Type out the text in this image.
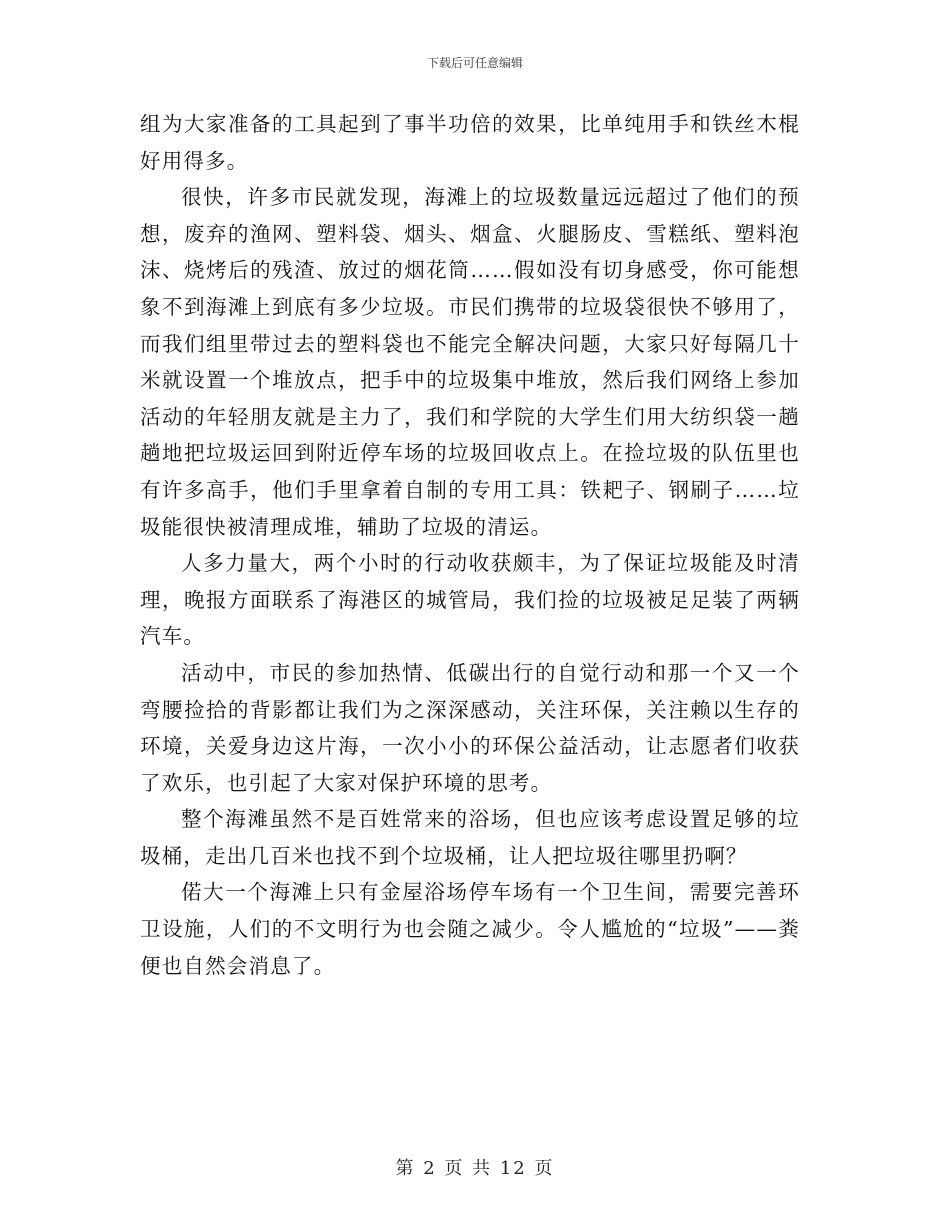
下载后可任意编辑

组为大家准备的工具起到了事半功倍的效果，比单纯用手和铁丝木棍好用得多。

很快，许多市民就发现，海滩上的垃圾数量远远超过了他们的预想，废弃的渔网、塑料袋、烟头、烟盒、火腿肠皮、雪糕纸、塑料泡沫、烧烤后的残渣、放过的烟花筒……假如没有切身感受，你可能想象不到海滩上到底有多少垃圾。市民们携带的垃圾袋很快不够用了，而我们组里带过去的塑料袋也不能完全解决问题，大家只好每隔几十米就设置一个堆放点，把手中的垃圾集中堆放，然后我们网络上参加活动的年轻朋友就是主力了，我们和学院的大学生们用大纺织袋一趟趟地把垃圾运回到附近停车场的垃圾回收点上。在捡垃圾的队伍里也有许多高手，他们手里拿着自制的专用工具：铁耙子、钢刷子……垃圾能很快被清理成堆，辅助了垃圾的清运。

人多力量大，两个小时的行动收获颇丰，为了保证垃圾能及时清理，晚报方面联系了海港区的城管局，我们捡的垃圾被足足装了两辆汽车。

活动中，市民的参加热情、低碳出行的自觉行动和那一个又一个弯腰捡拾的背影都让我们为之深深感动，关注环保，关注赖以生存的环境，关爱身边这片海，一次小小的环保公益活动，让志愿者们收获了欢乐，也引起了大家对保护环境的思考。

整个海滩虽然不是百姓常来的浴场，但也应该考虑设置足够的垃圾桶，走出几百米也找不到个垃圾桶，让人把垃圾往哪里扔啊？

偌大一个海滩上只有金屋浴场停车场有一个卫生间，需要完善环卫设施，人们的不文明行为也会随之减少。令人尴尬的“垃圾”——粪便也自然会消息了。

第 2 页 共 12 页
